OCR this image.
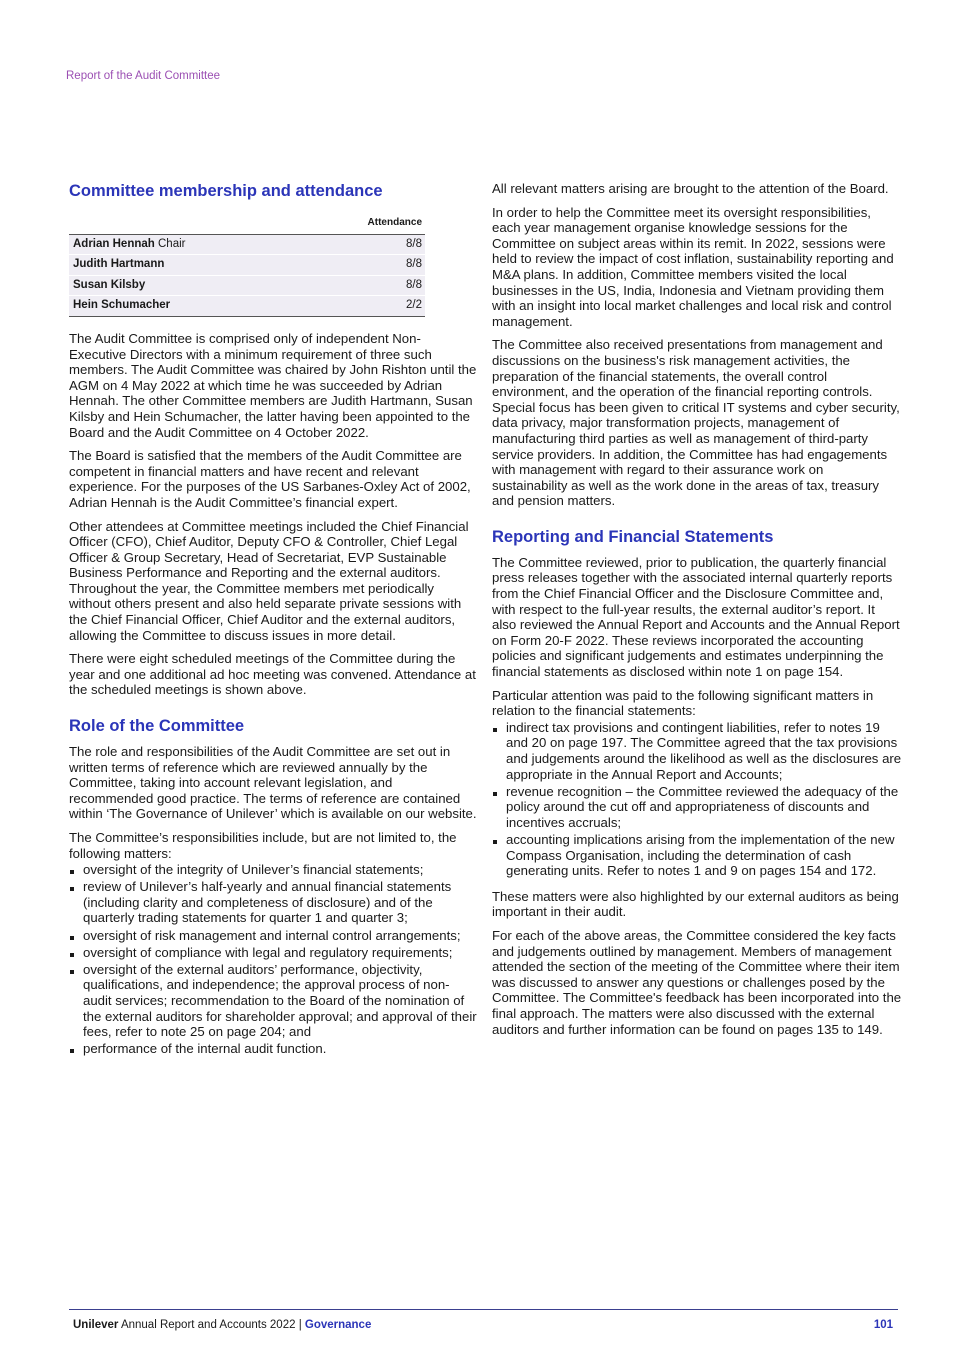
Report of the Audit Committee
Committee membership and attendance
	Attendance
Adrian Hennah Chair	8/8
Judith Hartmann	8/8
Susan Kilsby	8/8
Hein Schumacher	2/2

The Audit Committee is comprised only of independent Non-Executive Directors with a minimum requirement of three such members. The Audit Committee was chaired by John Rishton until the AGM on 4 May 2022 at which time he was succeeded by Adrian Hennah. The other Committee members are Judith Hartmann, Susan Kilsby and Hein Schumacher, the latter having been appointed to the Board and the Audit Committee on 4 October 2022.

The Board is satisfied that the members of the Audit Committee are competent in financial matters and have recent and relevant experience. For the purposes of the US Sarbanes-Oxley Act of 2002, Adrian Hennah is the Audit Committee’s financial expert.

Other attendees at Committee meetings included the Chief Financial Officer (CFO), Chief Auditor, Deputy CFO & Controller, Chief Legal Officer & Group Secretary, Head of Secretariat, EVP Sustainable Business Performance and Reporting and the external auditors. Throughout the year, the Committee members met periodically without others present and also held separate private sessions with the Chief Financial Officer, Chief Auditor and the external auditors, allowing the Committee to discuss issues in more detail.

There were eight scheduled meetings of the Committee during the year and one additional ad hoc meeting was convened. Attendance at the scheduled meetings is shown above.

Role of the Committee

The role and responsibilities of the Audit Committee are set out in written terms of reference which are reviewed annually by the Committee, taking into account relevant legislation, and recommended good practice. The terms of reference are contained within ‘The Governance of Unilever’ which is available on our website.

The Committee’s responsibilities include, but are not limited to, the following matters:

oversight of the integrity of Unilever’s financial statements;
review of Unilever’s half-yearly and annual financial statements (including clarity and completeness of disclosure) and of the quarterly trading statements for quarter 1 and quarter 3;
oversight of risk management and internal control arrangements;
oversight of compliance with legal and regulatory requirements;
oversight of the external auditors’ performance, objectivity, qualifications, and independence; the approval process of non-audit services; recommendation to the Board of the nomination of the external auditors for shareholder approval; and approval of their fees, refer to note 25 on page 204; and
performance of the internal audit function.

All relevant matters arising are brought to the attention of the Board.

In order to help the Committee meet its oversight responsibilities, each year management organise knowledge sessions for the Committee on subject areas within its remit. In 2022, sessions were held to review the impact of cost inflation, sustainability reporting and M&A plans. In addition, Committee members visited the local businesses in the US, India, Indonesia and Vietnam providing them with an insight into local market challenges and local risk and control management.

The Committee also received presentations from management and discussions on the business's risk management activities, the preparation of the financial statements, the overall control environment, and the operation of the financial reporting controls. Special focus has been given to critical IT systems and cyber security, data privacy, major transformation projects, management of manufacturing third parties as well as management of third-party service providers. In addition, the Committee has had engagements with management with regard to their assurance work on sustainability as well as the work done in the areas of tax, treasury and pension matters.

Reporting and Financial Statements

The Committee reviewed, prior to publication, the quarterly financial press releases together with the associated internal quarterly reports from the Chief Financial Officer and the Disclosure Committee and, with respect to the full-year results, the external auditor’s report. It also reviewed the Annual Report and Accounts and the Annual Report on Form 20-F 2022. These reviews incorporated the accounting policies and significant judgements and estimates underpinning the financial statements as disclosed within note 1 on page 154.

Particular attention was paid to the following significant matters in relation to the financial statements:

indirect tax provisions and contingent liabilities, refer to notes 19 and 20 on page 197. The Committee agreed that the tax provisions and judgements around the likelihood as well as the disclosures are appropriate in the Annual Report and Accounts;
revenue recognition – the Committee reviewed the adequacy of the policy around the cut off and appropriateness of discounts and incentives accruals;
accounting implications arising from the implementation of the new Compass Organisation, including the determination of cash generating units. Refer to notes 1 and 9 on pages 154 and 172.

These matters were also highlighted by our external auditors as being important in their audit.

For each of the above areas, the Committee considered the key facts and judgements outlined by management. Members of management attended the section of the meeting of the Committee where their item was discussed to answer any questions or challenges posed by the Committee. The Committee's feedback has been incorporated into the final approach. The matters were also discussed with the external auditors and further information can be found on pages 135 to 149.

Unilever Annual Report and Accounts 2022 | Governance	101
